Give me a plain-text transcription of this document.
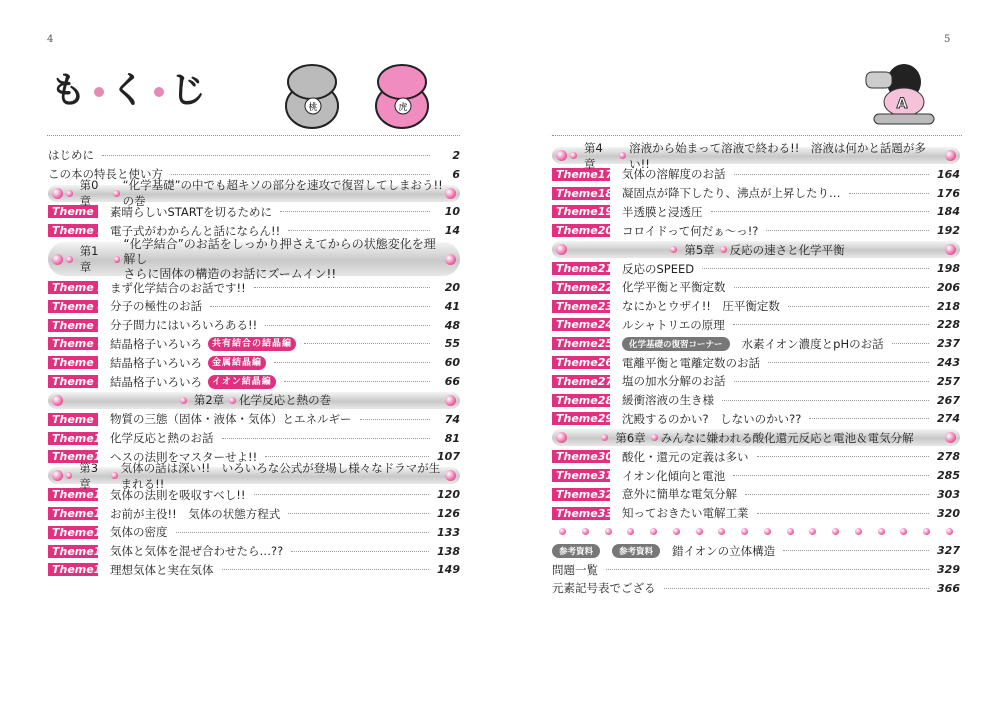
4	5
も く じ	桃	虎	A
はじめに	2
この本の特長と使い方	6
第0章
“化学基礎”の中でも超キソの部分を速攻で復習してしまおう!!の巻
Theme 1 素晴らしいSTARTを切るために	10
Theme 2 電子式がわからんと話にならん!!	14
第1章
“化学結合”のお話をしっかり押さえてからの状態変化を理解し
さらに固体の構造のお話にズームイン!!
Theme 3 まず化学結合のお話です!!	20
Theme 4 分子の極性のお話	41
Theme 5 分子間力にはいろいろある!!	48
Theme 6 結晶格子いろいろ	共有結合の結晶編	55
Theme 7 結晶格子いろいろ	金属結晶編	60
Theme 8 結晶格子いろいろ	イオン結晶編	66
第2章 化学反応と熱の巻
Theme 9 物質の三態（固体・液体・気体）とエネルギー	74
Theme10 化学反応と熱のお話	81
Theme11 ヘスの法則をマスターせよ!!	107
第3章
気体の話は深い!!　いろいろな公式が登場し様々なドラマが生まれる!!
Theme12 気体の法則を吸収すべし!!	120
Theme13 お前が主役!!　気体の状態方程式	126
Theme14 気体の密度	133
Theme15 気体と気体を混ぜ合わせたら…??	138
Theme16 理想気体と実在気体	149
第4章
溶液から始まって溶液で終わる!!　溶液は何かと話題が多い!!
Theme17 気体の溶解度のお話	164
Theme18 凝固点が降下したり、沸点が上昇したり…	176
Theme19 半透膜と浸透圧	184
Theme20 コロイドって何だぁ～っ!?	192
第5章 反応の速さと化学平衡
Theme21 反応のSPEED	198
Theme22 化学平衡と平衡定数	206
Theme23 なにかとウザイ!!　圧平衡定数	218
Theme24 ルシャトリエの原理	228
Theme25	化学基礎の復習コーナー	水素イオン濃度とpHのお話	237
Theme26 電離平衡と電離定数のお話	243
Theme27 塩の加水分解のお話	257
Theme28 緩衝溶液の生き様	267
Theme29 沈殿するのかい?　しないのかい??	274
第6章 みんなに嫌われる酸化還元反応と電池＆電気分解
Theme30 酸化・還元の定義は多い	278
Theme31 イオン化傾向と電池	285
Theme32 意外に簡単な電気分解	303
Theme33 知っておきたい電解工業	320
参考資料	参考資料	錯イオンの立体構造	327
問題一覧	329
元素記号表でござる	366
